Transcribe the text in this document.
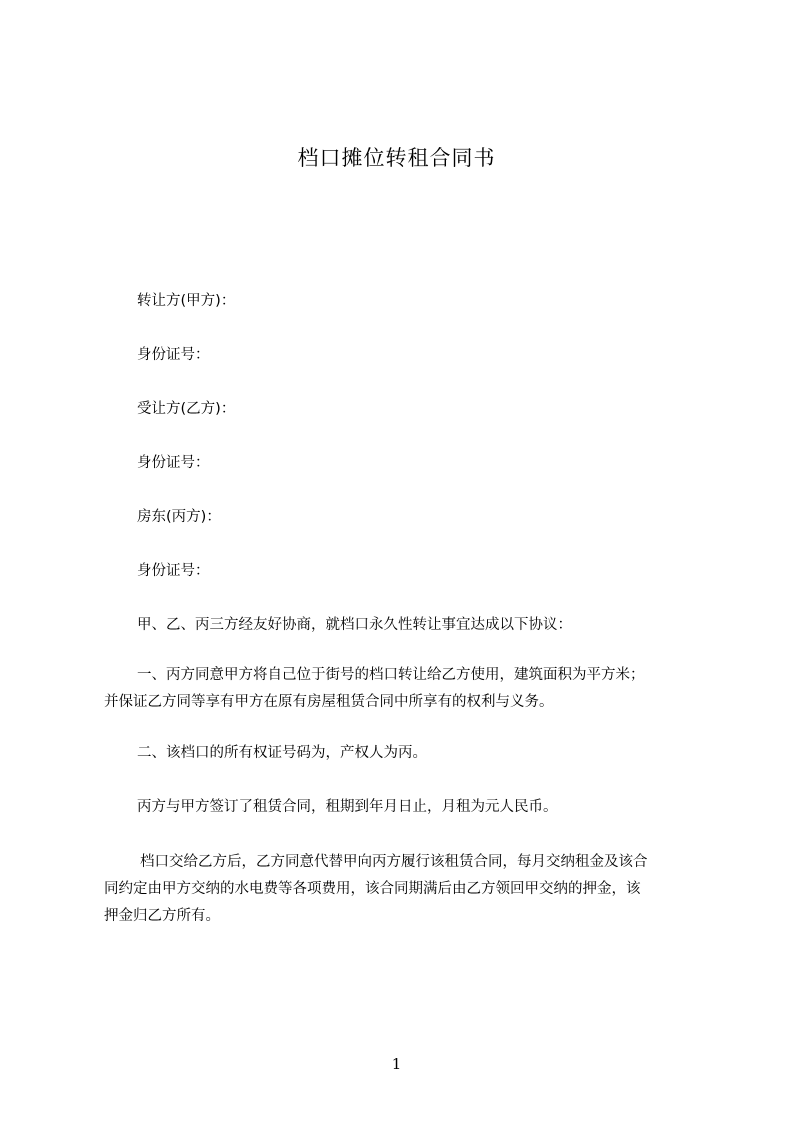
档口摊位转租合同书
转让方(甲方)：
身份证号：
受让方(乙方)：
身份证号：
房东(丙方)：
身份证号：
甲、乙、丙三方经友好协商，就档口永久性转让事宜达成以下协议：
一、丙方同意甲方将自己位于街号的档口转让给乙方使用，建筑面积为平方米；
并保证乙方同等享有甲方在原有房屋租赁合同中所享有的权利与义务。
二、该档口的所有权证号码为，产权人为丙。
丙方与甲方签订了租赁合同，租期到年月日止，月租为元人民币。
档口交给乙方后，乙方同意代替甲向丙方履行该租赁合同，每月交纳租金及该合
同约定由甲方交纳的水电费等各项费用，该合同期满后由乙方领回甲交纳的押金，该
押金归乙方所有。
1
